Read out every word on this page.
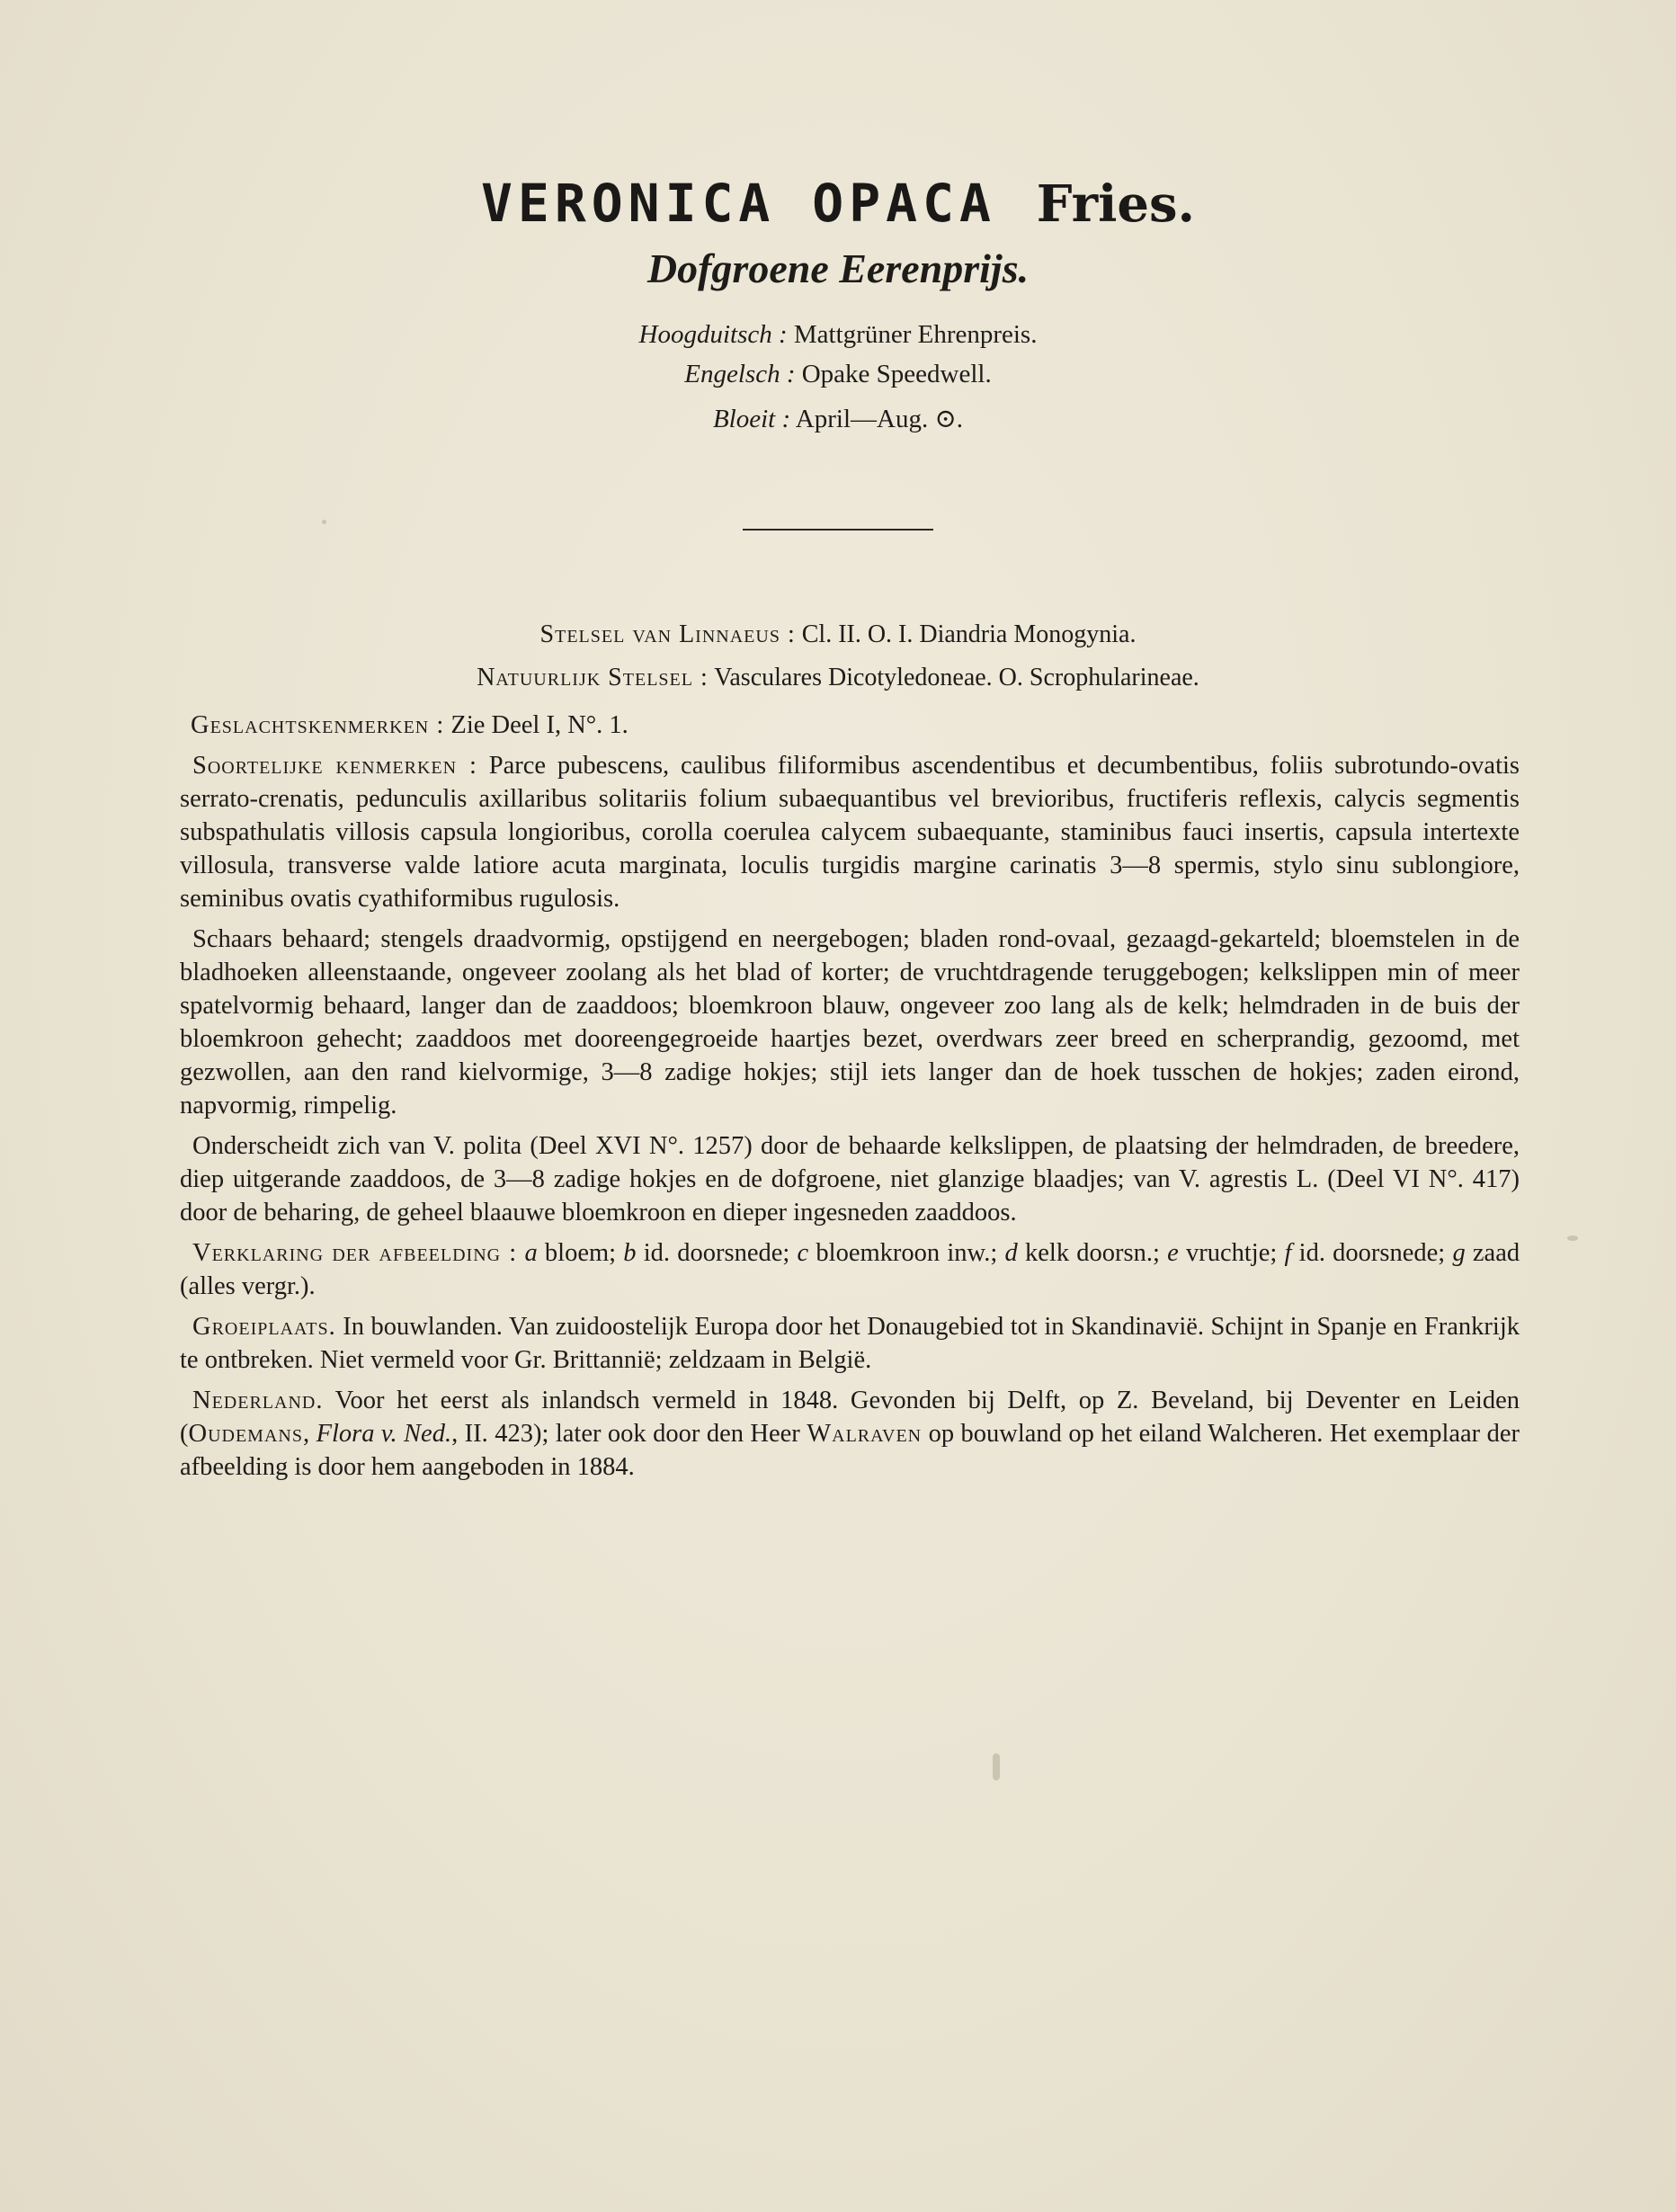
VERONICA OPACA Fries.
Dofgroene Eerenprijs.
Hoogduitsch : Mattgrüner Ehrenpreis.
Engelsch : Opake Speedwell.
Bloeit : April—Aug. ⊙.
Stelsel van Linnaeus : Cl. II. O. I. Diandria Monogynia.
Natuurlijk Stelsel : Vasculares Dicotyledoneae. O. Scrophularineae.

Geslachtskenmerken : Zie Deel I, N°. 1.

Soortelijke kenmerken : Parce pubescens, caulibus filiformibus ascendentibus et decumbentibus, foliis subrotundo-ovatis serrato-crenatis, pedunculis axillaribus solitariis folium subaequantibus vel brevioribus, fructiferis reflexis, calycis segmentis subspathulatis villosis capsula longioribus, corolla coerulea calycem subaequante, staminibus fauci insertis, capsula intertexte villosula, transverse valde latiore acuta marginata, loculis turgidis margine carinatis 3—8 spermis, stylo sinu sublongiore, seminibus ovatis cyathiformibus rugulosis.

Schaars behaard; stengels draadvormig, opstijgend en neergebogen; bladen rond-ovaal, gezaagd-gekarteld; bloemstelen in de bladhoeken alleenstaande, ongeveer zoolang als het blad of korter; de vruchtdragende teruggebogen; kelkslippen min of meer spatelvormig behaard, langer dan de zaaddoos; bloemkroon blauw, ongeveer zoo lang als de kelk; helmdraden in de buis der bloemkroon gehecht; zaaddoos met dooreengegroeide haartjes bezet, overdwars zeer breed en scherprandig, gezoomd, met gezwollen, aan den rand kielvormige, 3—8 zadige hokjes; stijl iets langer dan de hoek tusschen de hokjes; zaden eirond, napvormig, rimpelig.

Onderscheidt zich van V. polita (Deel XVI N°. 1257) door de behaarde kelkslippen, de plaatsing der helmdraden, de breedere, diep uitgerande zaaddoos, de 3—8 zadige hokjes en de dofgroene, niet glanzige blaadjes; van V. agrestis L. (Deel VI N°. 417) door de beharing, de geheel blaauwe bloemkroon en dieper ingesneden zaaddoos.

Verklaring der afbeelding : a bloem; b id. doorsnede; c bloemkroon inw.; d kelk doorsn.; e vruchtje; f id. doorsnede; g zaad (alles vergr.).

Groeiplaats. In bouwlanden. Van zuidoostelijk Europa door het Donaugebied tot in Skandinavië. Schijnt in Spanje en Frankrijk te ontbreken. Niet vermeld voor Gr. Brittannië; zeldzaam in België.

Nederland. Voor het eerst als inlandsch vermeld in 1848. Gevonden bij Delft, op Z. Beveland, bij Deventer en Leiden (Oudemans, Flora v. Ned., II. 423); later ook door den Heer Walraven op bouwland op het eiland Walcheren. Het exemplaar der afbeelding is door hem aangeboden in 1884.
